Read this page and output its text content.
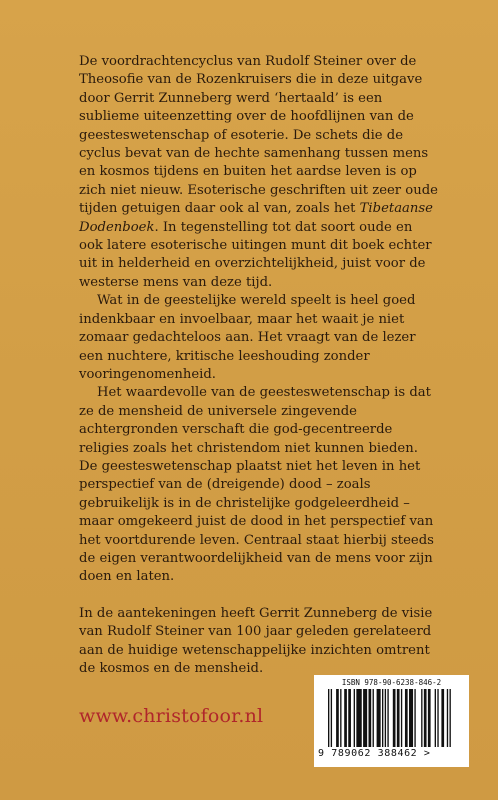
De voordrachtencyclus van Rudolf Steiner over de Theosofie van de Rozenkruisers die in deze uitgave door Gerrit Zunneberg werd ‘hertaald’ is een sublieme uiteenzetting over de hoofdlijnen van de geesteswetenschap of esoterie. De schets die de cyclus bevat van de hechte samenhang tussen mens en kosmos tijdens en buiten het aardse leven is op zich niet nieuw. Esoterische geschriften uit zeer oude tijden getuigen daar ook al van, zoals het Tibetaanse Dodenboek. In tegenstelling tot dat soort oude en ook latere esoterische uitingen munt dit boek echter uit in helderheid en overzichtelijkheid, juist voor de westerse mens van deze tijd.

Wat in de geestelijke wereld speelt is heel goed indenkbaar en invoelbaar, maar het waait je niet zomaar gedachteloos aan. Het vraagt van de lezer een nuchtere, kritische leeshouding zonder vooringenomenheid.

Het waardevolle van de geesteswetenschap is dat ze de mensheid de universele zingevende achtergronden verschaft die god-gecentreerde religies zoals het christendom niet kunnen bieden. De geesteswetenschap plaatst niet het leven in het perspectief van de (dreigende) dood – zoals gebruikelijk is in de christelijke godgeleerdheid – maar omgekeerd juist de dood in het perspectief van het voortdurende leven. Centraal staat hierbij steeds de eigen verantwoordelijkheid van de mens voor zijn doen en laten.

In de aantekeningen heeft Gerrit Zunneberg de visie van Rudolf Steiner van 100 jaar geleden gerelateerd aan de huidige wetenschappelijke inzichten omtrent de kosmos en de mensheid.

www.christofoor.nl
ISBN 978-90-6238-846-2
9 789062 388462 >
